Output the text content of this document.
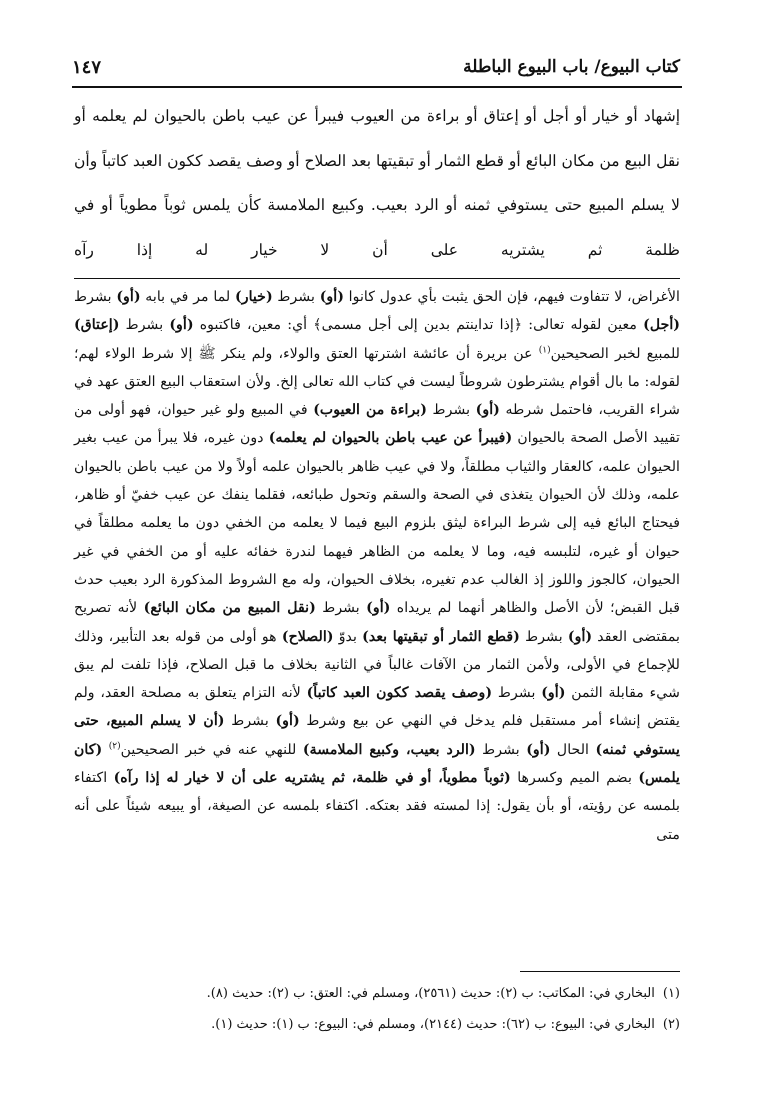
كتاب البيوع/ باب البيوع الباطلة
١٤٧

إشهاد أو خيار أو أجل أو إعتاق أو براءة من العيوب فيبرأ عن عيب باطن بالحيوان لم يعلمه أو نقل البيع من مكان البائع أو قطع الثمار أو تبقيتها بعد الصلاح أو وصف يقصد ككون العبد كاتباً وأن لا يسلم المبيع حتى يستوفي ثمنه أو الرد بعيب. وكبيع الملامسة كأن يلمس ثوباً مطوياً أو في ظلمة ثم يشتريه على أن لا خيار له إذا رآه

الأغراض، لا تتفاوت فيهم، فإن الحق يثبت بأي عدول كانوا (أو) بشرط (خيار) لما مر في بابه (أو) بشرط (أجل) معين لقوله تعالى: ﴿إذا تداينتم بدين إلى أجل مسمى﴾ أي: معين، فاكتبوه (أو) بشرط (إعتاق) للمبيع لخبر الصحيحين$^{(١)}$ عن بريرة أن عائشة اشترتها العتق والولاء، ولم ينكر ﷺ إلا شرط الولاء لهم؛ لقوله: ما بال أقوام يشترطون شروطاً ليست في كتاب الله تعالى إلخ. ولأن استعقاب البيع العتق عهد في شراء القريب، فاحتمل شرطه (أو) بشرط (براءة من العيوب) في المبيع ولو غير حيوان، فهو أولى من تقييد الأصل الصحة بالحيوان (فيبرأ عن عيب باطن بالحيوان لم يعلمه) دون غيره، فلا يبرأ من عيب بغير الحيوان علمه، كالعقار والثياب مطلقاً، ولا في عيب ظاهر بالحيوان علمه أولاً ولا من عيب باطن بالحيوان علمه، وذلك لأن الحيوان يتغذى في الصحة والسقم وتحول طبائعه، فقلما ينفك عن عيب خفيّ أو ظاهر، فيحتاج البائع فيه إلى شرط البراءة ليثق بلزوم البيع فيما لا يعلمه من الخفي دون ما يعلمه مطلقاً في حيوان أو غيره، لتلبسه فيه، وما لا يعلمه من الظاهر فيهما لندرة خفائه عليه أو من الخفي في غير الحيوان، كالجوز واللوز إذ الغالب عدم تغيره، بخلاف الحيوان، وله مع الشروط المذكورة الرد بعيب حدث قبل القبض؛ لأن الأصل والظاهر أنهما لم يريداه (أو) بشرط (نقل المبيع من مكان البائع) لأنه تصريح بمقتضى العقد (أو) بشرط (قطع الثمار أو تبقيتها بعد) بدوّ (الصلاح) هو أولى من قوله بعد التأبير، وذلك للإجماع في الأولى، ولأمن الثمار من الآفات غالباً في الثانية بخلاف ما قبل الصلاح، فإذا تلفت لم يبق شيء مقابلة الثمن (أو) بشرط (وصف يقصد ككون العبد كاتباً) لأنه التزام يتعلق به مصلحة العقد، ولم يقتض إنشاء أمر مستقبل فلم يدخل في النهي عن بيع وشرط (أو) بشرط (أن لا يسلم المبيع، حتى يستوفي ثمنه) الحال (أو) بشرط (الرد بعيب، وكبيع الملامسة) للنهي عنه في خبر الصحيحين$^{(٢)}$ (كان يلمس) بضم الميم وكسرها (ثوباً مطوياً، أو في ظلمة، ثم يشتريه على أن لا خيار له إذا رآه) اكتفاء بلمسه عن رؤيته، أو بأن يقول: إذا لمسته فقد بعتكه. اكتفاء بلمسه عن الصيغة، أو يبيعه شيئاً على أنه متى

(١)البخاري في: المكاتب: ب (٢): حديث (٢٥٦١)، ومسلم في: العتق: ب (٢): حديث (٨).
(٢)البخاري في: البيوع: ب (٦٢): حديث (٢١٤٤)، ومسلم في: البيوع: ب (١): حديث (١).
